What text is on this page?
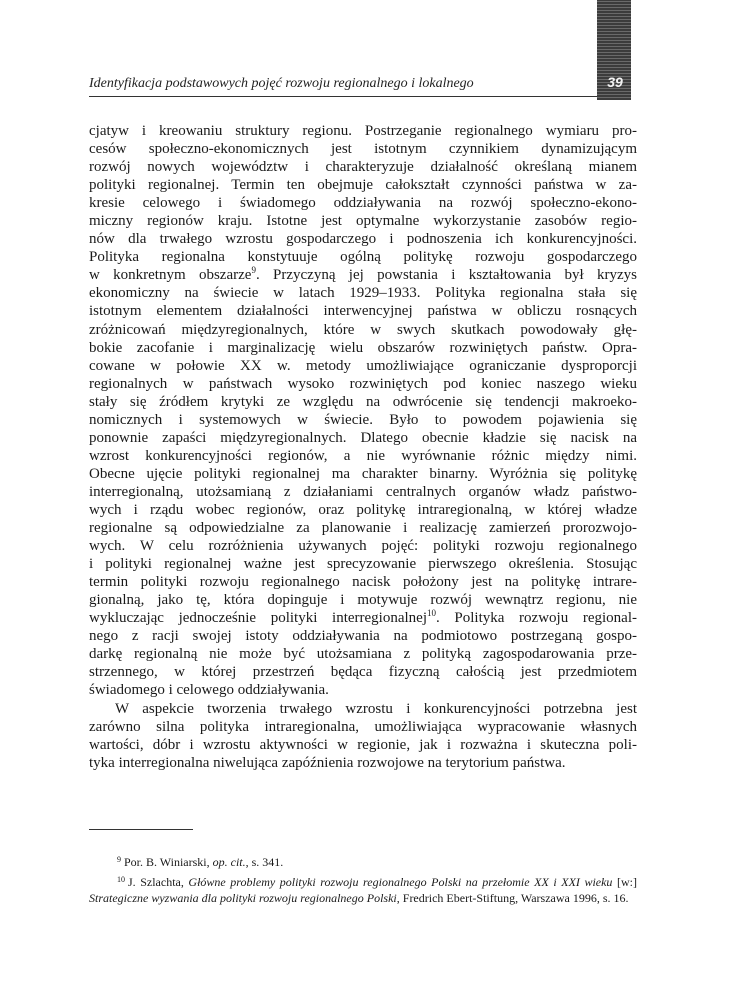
39
Identyfikacja podstawowych pojęć rozwoju regionalnego i lokalnego

cjatyw i kreowaniu struktury regionu. Postrzeganie regionalnego wymiaru pro-

cesów społeczno-ekonomicznych jest istotnym czynnikiem dynamizującym

rozwój nowych województw i charakteryzuje działalność określaną mianem

polityki regionalnej. Termin ten obejmuje całokształt czynności państwa w za-

kresie celowego i świadomego oddziaływania na rozwój społeczno-ekono-

miczny regionów kraju. Istotne jest optymalne wykorzystanie zasobów regio-

nów dla trwałego wzrostu gospodarczego i podnoszenia ich konkurencyjności.

Polityka regionalna konstytuuje ogólną politykę rozwoju gospodarczego

w konkretnym obszarze$^9$. Przyczyną jej powstania i kształtowania był kryzys

ekonomiczny na świecie w latach 1929–1933. Polityka regionalna stała się

istotnym elementem działalności interwencyjnej państwa w obliczu rosnących

zróżnicowań międzyregionalnych, które w swych skutkach powodowały głę-

bokie zacofanie i marginalizację wielu obszarów rozwiniętych państw. Opra-

cowane w połowie XX w. metody umożliwiające ograniczanie dysproporcji

regionalnych w państwach wysoko rozwiniętych pod koniec naszego wieku

stały się źródłem krytyki ze względu na odwrócenie się tendencji makroeko-

nomicznych i systemowych w świecie. Było to powodem pojawienia się

ponownie zapaści międzyregionalnych. Dlatego obecnie kładzie się nacisk na

wzrost konkurencyjności regionów, a nie wyrównanie różnic między nimi.

Obecne ujęcie polityki regionalnej ma charakter binarny. Wyróżnia się politykę

interregionalną, utożsamianą z działaniami centralnych organów władz państwo-

wych i rządu wobec regionów, oraz politykę intraregionalną, w której władze

regionalne są odpowiedzialne za planowanie i realizację zamierzeń prorozwojo-

wych. W celu rozróżnienia używanych pojęć: polityki rozwoju regionalnego

i polityki regionalnej ważne jest sprecyzowanie pierwszego określenia. Stosując

termin polityki rozwoju regionalnego nacisk położony jest na politykę intrare-

gionalną, jako tę, która dopinguje i motywuje rozwój wewnątrz regionu, nie

wykluczając jednocześnie polityki interregionalnej$^{10}$. Polityka rozwoju regional-

nego z racji swojej istoty oddziaływania na podmiotowo postrzeganą gospo-

darkę regionalną nie może być utożsamiana z polityką zagospodarowania prze-

strzennego, w której przestrzeń będąca fizyczną całością jest przedmiotem

świadomego i celowego oddziaływania.

W aspekcie tworzenia trwałego wzrostu i konkurencyjności potrzebna jest

zarówno silna polityka intraregionalna, umożliwiająca wypracowanie własnych

wartości, dóbr i wzrostu aktywności w regionie, jak i rozważna i skuteczna poli-

tyka interregionalna niwelująca zapóźnienia rozwojowe na terytorium państwa.

$^9$ Por. B. Winiarski, op. cit., s. 341.

$^{10}$ J. Szlachta, Główne problemy polityki rozwoju regionalnego Polski na przełomie XX i XXI wieku [w:] Strategiczne wyzwania dla polityki rozwoju regionalnego Polski, Fredrich Ebert-Stiftung, Warszawa 1996, s. 16.
